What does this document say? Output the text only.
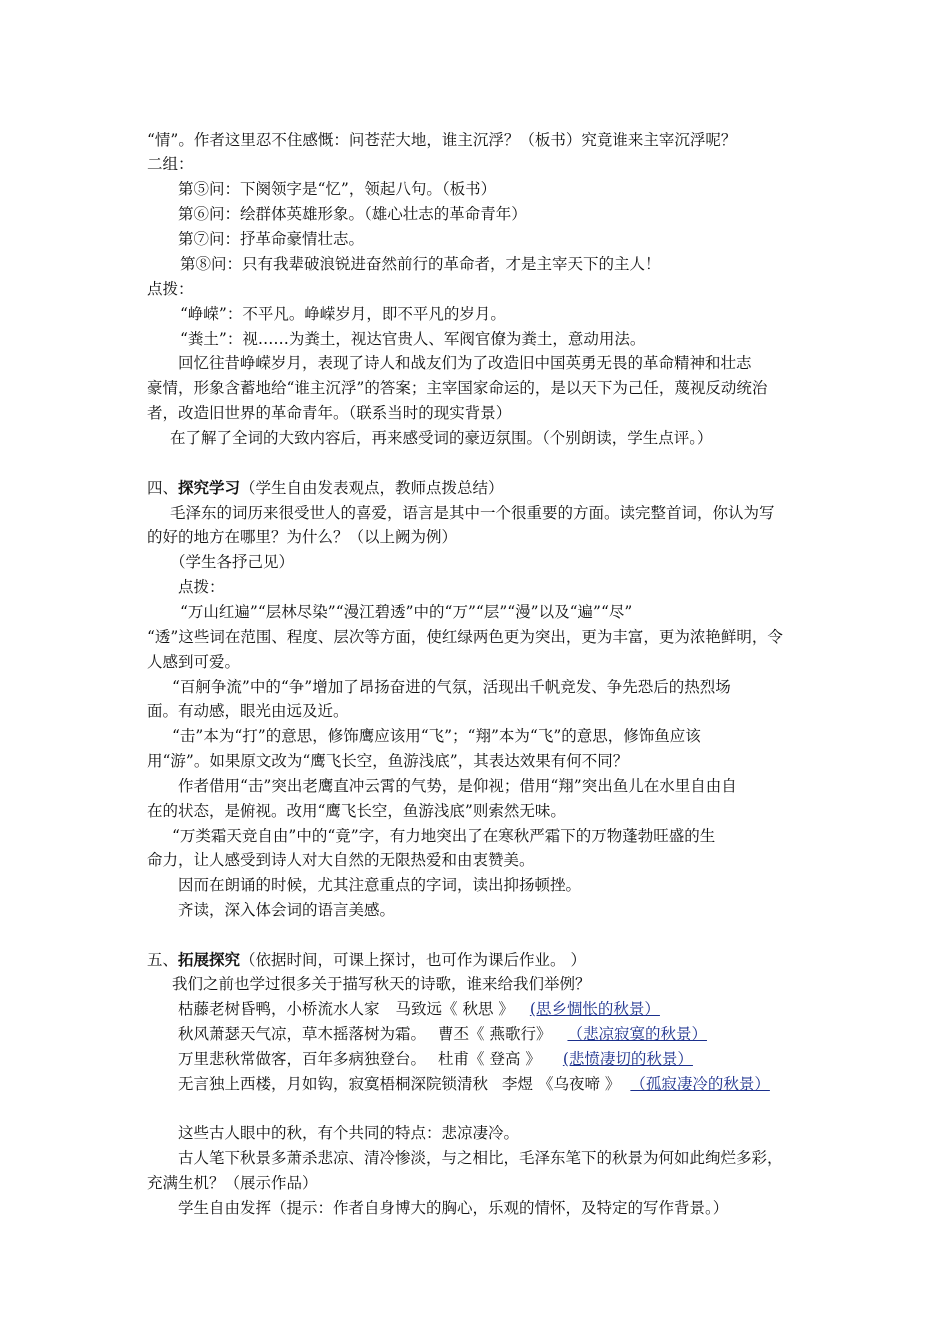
“情”。作者这里忍不住感慨：问苍茫大地，谁主沉浮？（板书）究竟谁来主宰沉浮呢？
二组：
第⑤问：下阕领字是“忆”，领起八句。（板书）
第⑥问：绘群体英雄形象。（雄心壮志的革命青年）
第⑦问：抒革命豪情壮志。
第⑧问：只有我辈破浪锐进奋然前行的革命者，才是主宰天下的主人！
点拨：
“峥嵘”：不平凡。峥嵘岁月，即不平凡的岁月。
“粪土”：视……为粪土，视达官贵人、军阀官僚为粪土，意动用法。
回忆往昔峥嵘岁月，表现了诗人和战友们为了改造旧中国英勇无畏的革命精神和壮志
豪情，形象含蓄地给“谁主沉浮”的答案；主宰国家命运的，是以天下为己任，蔑视反动统治
者，改造旧世界的革命青年。（联系当时的现实背景）
在了解了全词的大致内容后，再来感受词的豪迈氛围。（个别朗读，学生点评。）
四、探究学习（学生自由发表观点，教师点拨总结）
毛泽东的词历来很受世人的喜爱，语言是其中一个很重要的方面。读完整首词，你认为写
的好的地方在哪里？为什么？（以上阙为例）
（学生各抒己见）
点拨：
“万山红遍”“层林尽染”“漫江碧透”中的“万”“层”“漫”以及“遍”“尽”
“透”这些词在范围、程度、层次等方面，使红绿两色更为突出，更为丰富，更为浓艳鲜明，令
人感到可爱。
“百舸争流”中的“争”增加了昂扬奋进的气氛，活现出千帆竞发、争先恐后的热烈场
面。有动感，眼光由远及近。
“击”本为“打”的意思，修饰鹰应该用“飞”；“翔”本为“飞”的意思，修饰鱼应该
用“游”。如果原文改为“鹰飞长空，鱼游浅底”，其表达效果有何不同？
作者借用“击”突出老鹰直冲云霄的气势，是仰视；借用“翔”突出鱼儿在水里自由自
在的状态，是俯视。改用“鹰飞长空，鱼游浅底”则索然无味。
“万类霜天竞自由”中的“竟”字，有力地突出了在寒秋严霜下的万物蓬勃旺盛的生
命力，让人感受到诗人对大自然的无限热爱和由衷赞美。
因而在朗诵的时候，尤其注意重点的字词，读出抑扬顿挫。
齐读，深入体会词的语言美感。
五、拓展探究（依据时间，可课上探讨，也可作为课后作业。 ）
我们之前也学过很多关于描写秋天的诗歌，谁来给我们举例？
枯藤老树昏鸭，小桥流水人家 马致远《 秋思 》 (思乡惆怅的秋景）
秋风萧瑟天气凉，草木摇落树为霜。 曹丕《 燕歌行》 （悲凉寂寞的秋景）
万里悲秋常做客，百年多病独登台。 杜甫《 登高 》 (悲愤凄切的秋景）
无言独上西楼，月如钩，寂寞梧桐深院锁清秋 李煜 《乌夜啼 》 （孤寂凄冷的秋景）
这些古人眼中的秋，有个共同的特点：悲凉凄冷。
古人笔下秋景多萧杀悲凉、清冷惨淡，与之相比，毛泽东笔下的秋景为何如此绚烂多彩，
充满生机？（展示作品）
学生自由发挥（提示：作者自身博大的胸心，乐观的情怀，及特定的写作背景。）
